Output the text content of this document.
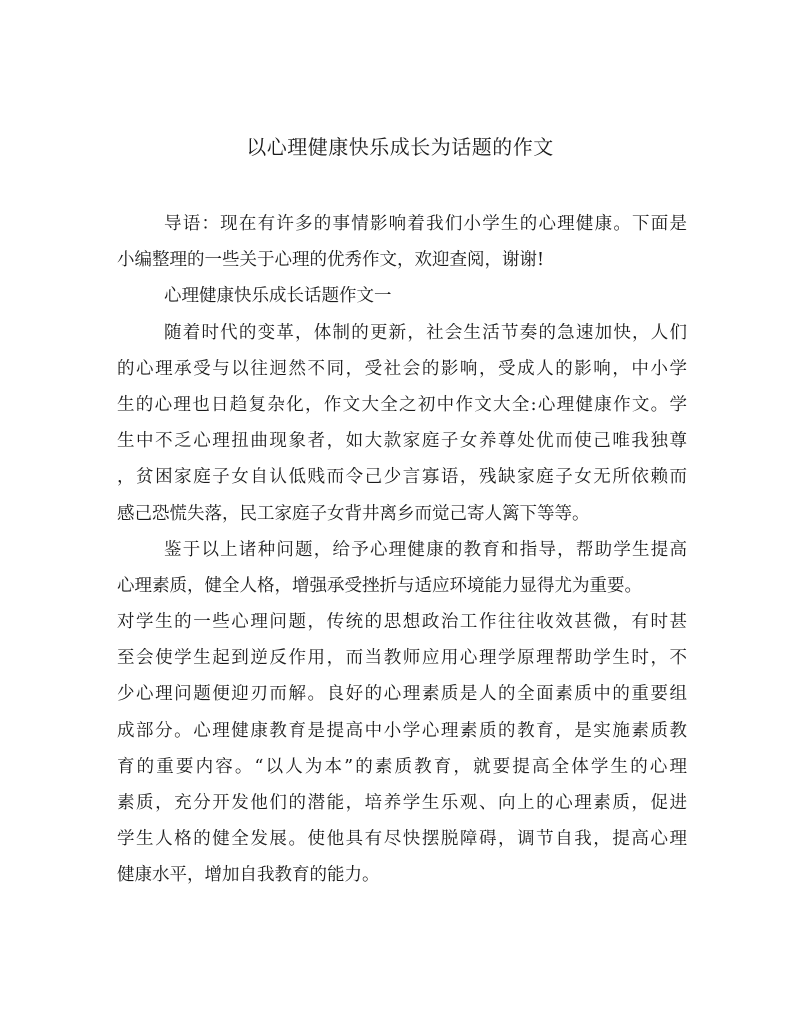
以心理健康快乐成长为话题的作文
导语：现在有许多的事情影响着我们小学生的心理健康。下面是
小编整理的一些关于心理的优秀作文，欢迎查阅，谢谢!
心理健康快乐成长话题作文一
随着时代的变革，体制的更新，社会生活节奏的急速加快，人们
的心理承受与以往迥然不同，受社会的影响，受成人的影响，中小学
生的心理也日趋复杂化，作文大全之初中作文大全:心理健康作文。学
生中不乏心理扭曲现象者，如大款家庭子女养尊处优而使己唯我独尊
，贫困家庭子女自认低贱而令己少言寡语，残缺家庭子女无所依赖而
感己恐慌失落，民工家庭子女背井离乡而觉己寄人篱下等等。
鉴于以上诸种问题，给予心理健康的教育和指导，帮助学生提高
心理素质，健全人格，增强承受挫折与适应环境能力显得尤为重要。
对学生的一些心理问题，传统的思想政治工作往往收效甚微，有时甚
至会使学生起到逆反作用，而当教师应用心理学原理帮助学生时，不
少心理问题便迎刃而解。良好的心理素质是人的全面素质中的重要组
成部分。心理健康教育是提高中小学心理素质的教育，是实施素质教
育的重要内容。“以人为本”的素质教育，就要提高全体学生的心理
素质，充分开发他们的潜能，培养学生乐观、向上的心理素质，促进
学生人格的健全发展。使他具有尽快摆脱障碍，调节自我，提高心理
健康水平，增加自我教育的能力。
